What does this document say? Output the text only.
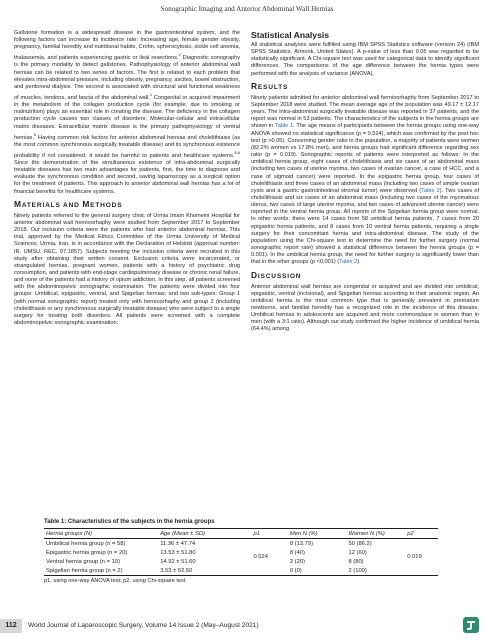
Sonographic Imaging and Anterior Abdominal Wall Hernias

Gallstone formation is a widespread disease in the gastrointestinal system, and the following factors can increase its incidence rate: Increasing age, female gender obesity, pregnancy, familial heredity and nutritional habits, Crohn, spherocytosis, sickle cell anemia, thalassemia, and patients experiencing gastric or ileal resections.$^2$ Diagnostic sonography is the primary modality to detect gallstones. Pathophysiology of anterior abdominal wall hernias can be related to two series of factors. The first is related to each problem that elevates intra-abdominal pressure, including obesity, pregnancy, ascites, bowel obstruction, and peritoneal dialysis. The second is associated with structural and functional weakness of muscles, tendons, and fascia of the abdominal wall.$^1$ Congenital or acquired impairment in the metabolism of the collagen production cycle (for example, due to smoking or malnutrition) plays an essential role in creating the disease. The deficiency in the collagen production cycle causes two classes of disorders: Molecular-cellular and extracellular matrix diseases. Extracellular matrix disease is the primary pathophysiology of ventral hernias.$^5$ Having common risk factors for anterior abdominal hernias and cholelithiasis (as the most common synchronous surgically treatable disease) and its synchronous existence probability if not considered, it would be harmful to patients and healthcare systems.$^{5,6}$ Since the demonstration of the simultaneous existence of intra-abdominal surgically treatable diseases has two main advantages for patients, first, the time to diagnose and evaluate the synchronous condition and second, saving laparoscopy as a surgical option for the treatment of patients. This approach to anterior abdominal wall hernias has a lot of financial benefits for healthcare systems.

MATERIALS AND METHODS

Ninety patients referred to the general surgery clinic of Urmia Imam Khomeini Hospital for anterior abdominal wall hernioorhaphy were studied from September 2017 to September 2018. Our inclusion criteria were the patients who had anterior abdominal hernias. This trial, approved by the Medical Ethics Committee of the Urmia University of Medical Sciences, Urmia, Iran, is in accordance with the Declaration of Helsinki (approval number: IR. UMSU. REC. 97.1857). Subjects meeting the inclusion criteria were recruited in this study after obtaining their written consent. Exclusion criteria were incarcerated, or strangulated hernias, pregnant women, patients with a history of psychiatric drug consumption, and patients with end-stage cardiopulmonary disease or chronic renal failure, and none of the patients had a history of opium addiction. In this step, all patients screened with the abdominopelvic sonographic examination. The patients were divided into four groups: Umbilical, epigastric, ventral, and Spigelian hernias; and two sub-types: Group 1 (with normal sonographic report) treated only with hernioorhaphy and group 2 (including cholelithiasis or any synchronous surgically treatable disease) who were subject to a single surgery for treating both disorders. All patients were screened with a complete abdominopelvic sonographic examination.

Statistical Analysis

All statistical analyses were fulfilled using IBM SPSS Statistics software (version 24) (IBM SPSS Statistics, Armonk, United States). A p-value of less than 0.05 was regarded to be statistically significant. A Chi-square test was used for categorical data to identify significant differences. The comparisons of the age difference between the hernia types were performed with the analysis of variance (ANOVA).

RESULTS

Ninety patients admitted for anterior abdominal wall hernioorhaphy from September 2017 to September 2018 were studied. The mean average age of the population was 49.17 ± 12.17 years. The intra-abdominal surgically treatable disease was reported in 37 patients, and the report was normal in 53 patients. The characteristics of the subjects in the hernia groups are shown in Table 1. The age means of participants between the hernia groups using one-way ANOVA showed no statistical significance (p = 0.524), which was confirmed by the post hoc test (p >0.05). Concerning gender ratio in the population, a majority of patients were women (82.2% women vs 17.8% men), and hernia groups had significant difference regarding sex ratio (p = 0.019). Sonographic reports of patients were interpreted as follows: In the umbilical hernia group, eight cases of cholelithiasis and six cases of an abdominal mass (including two cases of uterine myoma, two cases of ovarian cancer, a case of HCC, and a case of sigmoid cancer) were reported. In the epigastric hernia group, four cases of cholelithiasis and three cases of an abdominal mass (including two cases of simple ovarian cysts and a gastric gastrointestinal stromal tumor) were observed (Table 2). Two cases of cholelithiasis and six cases of an abdominal mass (including two cases of the myomatous uterus, two cases of large uterine myoma, and two cases of advanced uterine cancer) were reported in the ventral hernia group. All reports of the Spigelian hernia group were normal. In other words, there were 14 cases from 58 umbilical hernia patients, 7 cases from 20 epigastric hernia patients, and 8 cases from 10 ventral hernia patients, requiring a single surgery for their concomitant hernia and intra-abdominal disease. The study of the population using the Chi-square test to determine the need for further surgery (normal sonographic report rate) showed a statistical difference between the hernia groups (p = 0.001). In the umbilical hernia group, the need for further surgery is significantly lower than that in the other groups (p <0.001) (Table 2).

DISCUSSION

Anterior abdominal wall hernias are congenital or acquired and are divided into umbilical, epigastric, ventral (incisional), and Spigelian hernias according to their anatomic region. An umbilical hernia is the most common type that is generally prevalent in premature newborns, and familial heredity has a recognized role in the incidence of this disease. Umbilical hernias in adolescents are acquired and more commonplace in women than in men (with a 3:1 ratio). Although our study confirmed the higher incidence of umbilical hernia (64.4%) among

Table 1: Characteristics of the subjects in the hernia groups
Hernia groups (N)	Age (Mean ± SD)	p1	Men N (%)	Women N (%)	p2
Umbilical hernia group (n = 58)	11.36 ± 47.74	0.524	8 (13.79)	50 (86.2)	0.019
Epigastric hernia group (n = 20)	13.53 ± 51.80		8 (40)	12 (60)	
Ventral hernia group (n = 10)	14.92 ± 51.60		2 (20)	8 (80)	
Spigelian hernia group (n = 2)	3.53 ± 52.50		0 (0)	2 (100)	
p1, using one-way ANOVA test; p2, using Chi-square test
112	World Journal of Laparoscopic Surgery, Volume 14 Issue 2 (May–August 2021)
